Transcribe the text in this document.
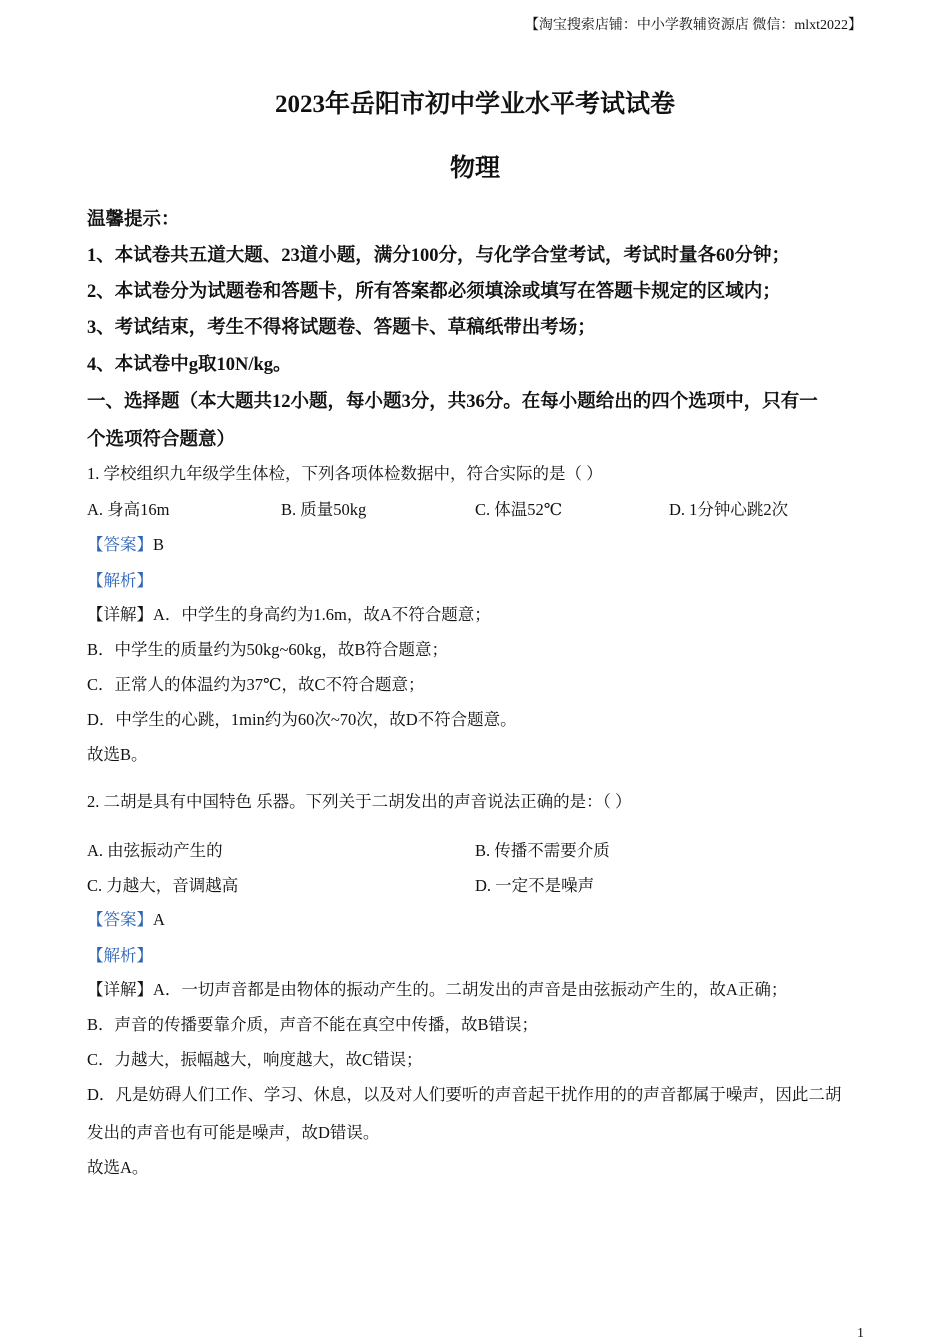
【淘宝搜索店铺：中小学教辅资源店 微信：mlxt2022】
2023年岳阳市初中学业水平考试试卷
物理
温馨提示：
1、本试卷共五道大题、23道小题，满分100分，与化学合堂考试，考试时量各60分钟；
2、本试卷分为试题卷和答题卡，所有答案都必须填涂或填写在答题卡规定的区域内；
3、考试结束，考生不得将试题卷、答题卡、草稿纸带出考场；
4、本试卷中g取10N/kg。
一、选择题（本大题共12小题，每小题3分，共36分。在每小题给出的四个选项中，只有一
个选项符合题意）
1. 学校组织九年级学生体检，下列各项体检数据中，符合实际的是（ ）
A. 身高16m	B. 质量50kg	C. 体温52℃	D. 1分钟心跳2次
【答案】B
【解析】
【详解】A．中学生的身高约为1.6m，故A不符合题意；
B．中学生的质量约为50kg~60kg，故B符合题意；
C．正常人的体温约为37℃，故C不符合题意；
D．中学生的心跳，1min约为60次~70次，故D不符合题意。
故选B。
2. 二胡是具有中国特色 乐器。下列关于二胡发出的声音说法正确的是：（ ）
A. 由弦振动产生的	B. 传播不需要介质
C. 力越大，音调越高	D. 一定不是噪声
【答案】A
【解析】
【详解】A．一切声音都是由物体的振动产生的。二胡发出的声音是由弦振动产生的，故A正确；
B．声音的传播要靠介质，声音不能在真空中传播，故B错误；
C．力越大，振幅越大，响度越大，故C错误；
D．凡是妨碍人们工作、学习、休息，以及对人们要听的声音起干扰作用的的声音都属于噪声，因此二胡
发出的声音也有可能是噪声，故D错误。
故选A。
1
